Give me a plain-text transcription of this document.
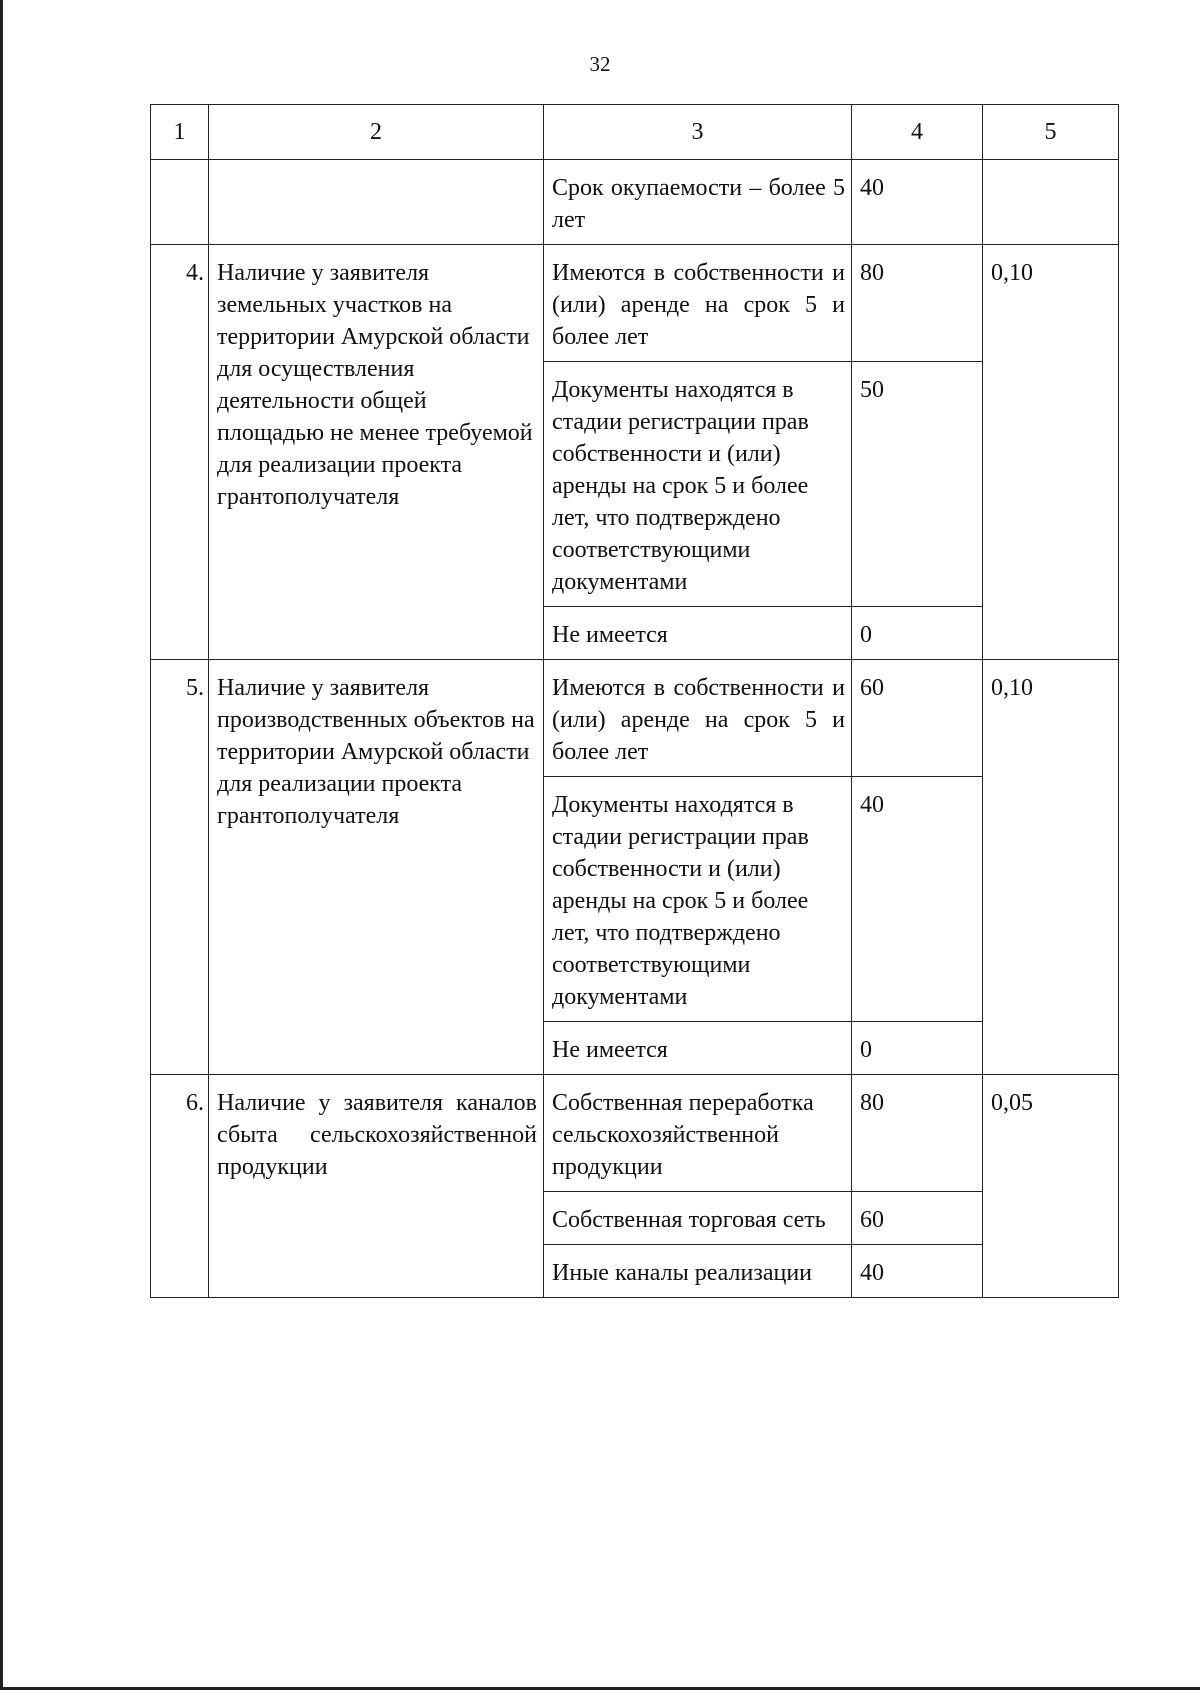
32
1	2	3	4	5
		Срок окупаемости – более 5 лет	40	
4.	Наличие у заявителя земельных участков на территории Амурской области для осуществления деятельности общей площадью не менее требуемой для реализации проекта грантополучателя	Имеются в собственности и (или) аренде на срок 5 и более лет	80	0,10
		Документы находятся в стадии регистрации прав собственности и (или) аренды на срок 5 и более лет, что подтверждено соответствующими документами	50	
		Не имеется	0	
5.	Наличие у заявителя производственных объектов на территории Амурской области для реализации проекта грантополучателя	Имеются в собственности и (или) аренде на срок 5 и более лет	60	0,10
		Документы находятся в стадии регистрации прав собственности и (или) аренды на срок 5 и более лет, что подтверждено соответствующими документами	40	
		Не имеется	0	
6.	Наличие у заявителя каналов сбыта сельскохозяйственной продукции	Собственная переработка сельскохозяйственной продукции	80	0,05
		Собственная торговая сеть	60	
		Иные каналы реализации	40	
